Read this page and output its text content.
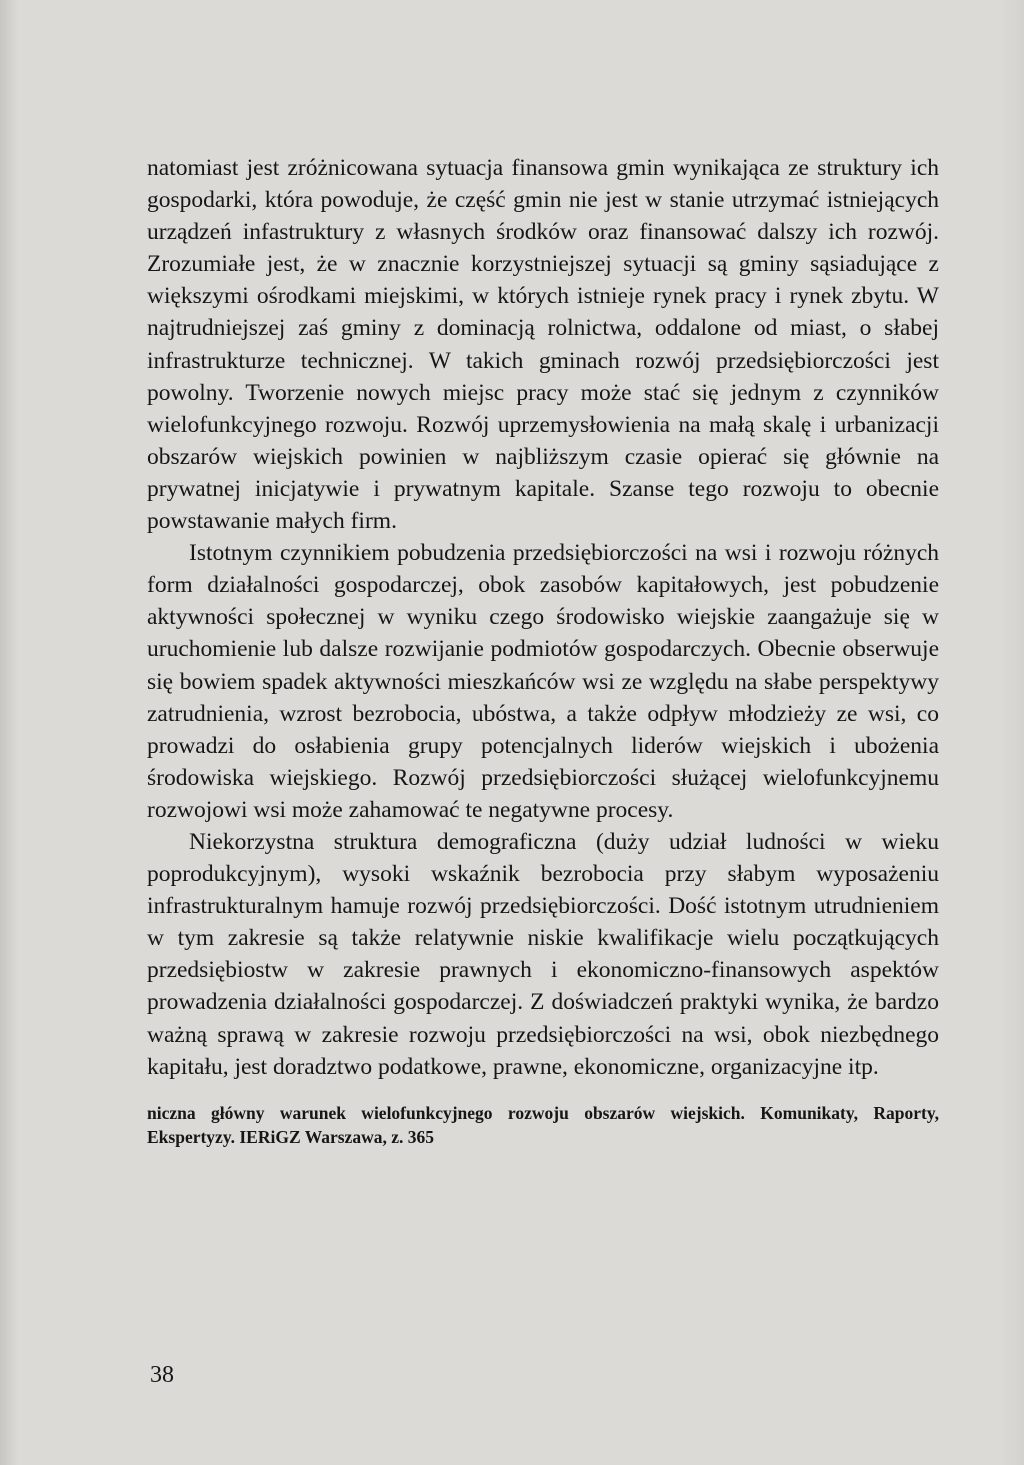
natomiast jest zróżnicowana sytuacja finansowa gmin wynikająca ze struktury ich gospodarki, która powoduje, że część gmin nie jest w stanie utrzymać istniejących urządzeń infastruktury z własnych środków oraz finansować dalszy ich rozwój. Zrozumiałe jest, że w znacznie korzystniejszej sytuacji są gminy sąsiadujące z większymi ośrodkami miejskimi, w których istnieje rynek pracy i rynek zbytu. W najtrudniejszej zaś gminy z dominacją rolnictwa, oddalone od miast, o słabej infrastrukturze technicznej. W takich gminach rozwój przedsiębiorczości jest powolny. Tworzenie nowych miejsc pracy może stać się jednym z czynników wielofunkcyjnego rozwoju. Rozwój uprzemysłowienia na małą skalę i urbanizacji obszarów wiejskich powinien w najbliższym czasie opierać się głównie na prywatnej inicjatywie i prywatnym kapitale. Szanse tego rozwoju to obecnie powstawanie małych firm.

Istotnym czynnikiem pobudzenia przedsiębiorczości na wsi i rozwoju różnych form działalności gospodarczej, obok zasobów kapitałowych, jest pobudzenie aktywności społecznej w wyniku czego środowisko wiejskie zaangażuje się w uruchomienie lub dalsze rozwijanie podmiotów gospodarczych. Obecnie obserwuje się bowiem spadek aktywności mieszkańców wsi ze względu na słabe perspektywy zatrudnienia, wzrost bezrobocia, ubóstwa, a także odpływ młodzieży ze wsi, co prowadzi do osłabienia grupy potencjalnych liderów wiejskich i ubożenia środowiska wiejskiego. Rozwój przedsiębiorczości służącej wielofunkcyjnemu rozwojowi wsi może zahamować te negatywne procesy.

Niekorzystna struktura demograficzna (duży udział ludności w wieku poprodukcyjnym), wysoki wskaźnik bezrobocia przy słabym wyposażeniu infrastrukturalnym hamuje rozwój przedsiębiorczości. Dość istotnym utrudnieniem w tym zakresie są także relatywnie niskie kwalifikacje wielu początkujących przedsiębiostw w zakresie prawnych i ekonomiczno-finansowych aspektów prowadzenia działalności gospodarczej. Z doświadczeń praktyki wynika, że bardzo ważną sprawą w zakresie rozwoju przedsiębiorczości na wsi, obok niezbędnego kapitału, jest doradztwo podatkowe, prawne, ekonomiczne, organizacyjne itp.

niczna główny warunek wielofunkcyjnego rozwoju obszarów wiejskich. Komunikaty, Raporty, Ekspertyzy. IERiGZ Warszawa, z. 365

38
